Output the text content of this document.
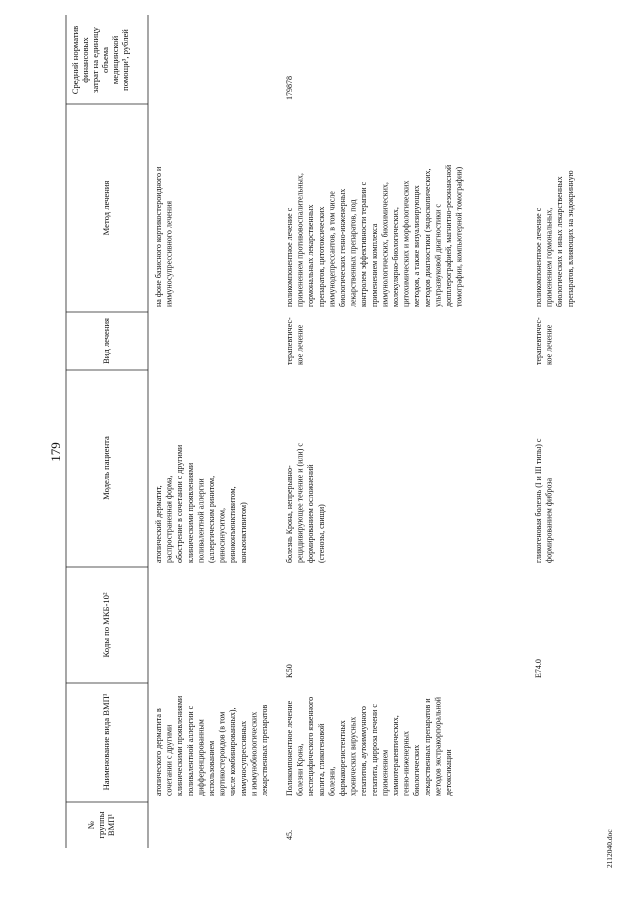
179
2112040.doc
№группыВМП¹
Наименование вида ВМП¹
Коды по МКБ-10²
Модель пациента
Вид лечения
Метод лечения
Средний нормативфинансовыхзатрат на единицуобъемамедицинскойпомощи³, рублей
атопического дерматита в сочетании с другими клиническими проявлениями поливалентной аллергии с дифференцированным использованием кортикостероидов (в том числе комбинированных), иммуносупрессивных и иммунобиологических лекарственных препаратов
атопический дерматит, распространенная форма, обострение в сочетании с другими клиническими проявлениями поливалентной аллергии (аллергическим ринитом, риносинуситом, риноконъюнктивитом, конъюнктивитом)
на фоне базисного кортикостероидного и иммуносупрессивного лечения
45.
Поликомпонентное лечение болезни Крона, неспецифического язвенного колита, гликогеновой болезни, фармакорезистентных хронических вирусных гепатитов, аутоиммунного гепатита, цирроза печени с применением химиотерапевтических, генно-инженерных биологических лекарственных препаратов и методов экстракорпоральной детоксикации
K50
болезнь Крона, непрерывно- рецидивирующее течение и (или) с формированием осложнений (стенозы, свищи)
терапевтичес- кое лечение
поликомпонентное лечение с применением противовоспалительных, гормональных лекарственных препаратов, цитотоксических иммунодепрессантов, в том числе биологических генно-инженерных лекарственных препаратов, под контролем эффективности терапии с применением комплекса иммунологических, биохимических, молекулярно-биологических, цитохимических и морфологических методов, а также визуализирующих методов диагностики (эндоскопических, ультразвуковой диагностики с допплерографией, магнитно-резонансной томографии, компьютерной томографии)
179878
E74.0
гликогеновая болезнь (I и III типы) с формированием фиброза
терапевтичес- кое лечение
поликомпонентное лечение с применением гормональных, биологических и иных лекарственных препаратов, влияющих на эндокринную
